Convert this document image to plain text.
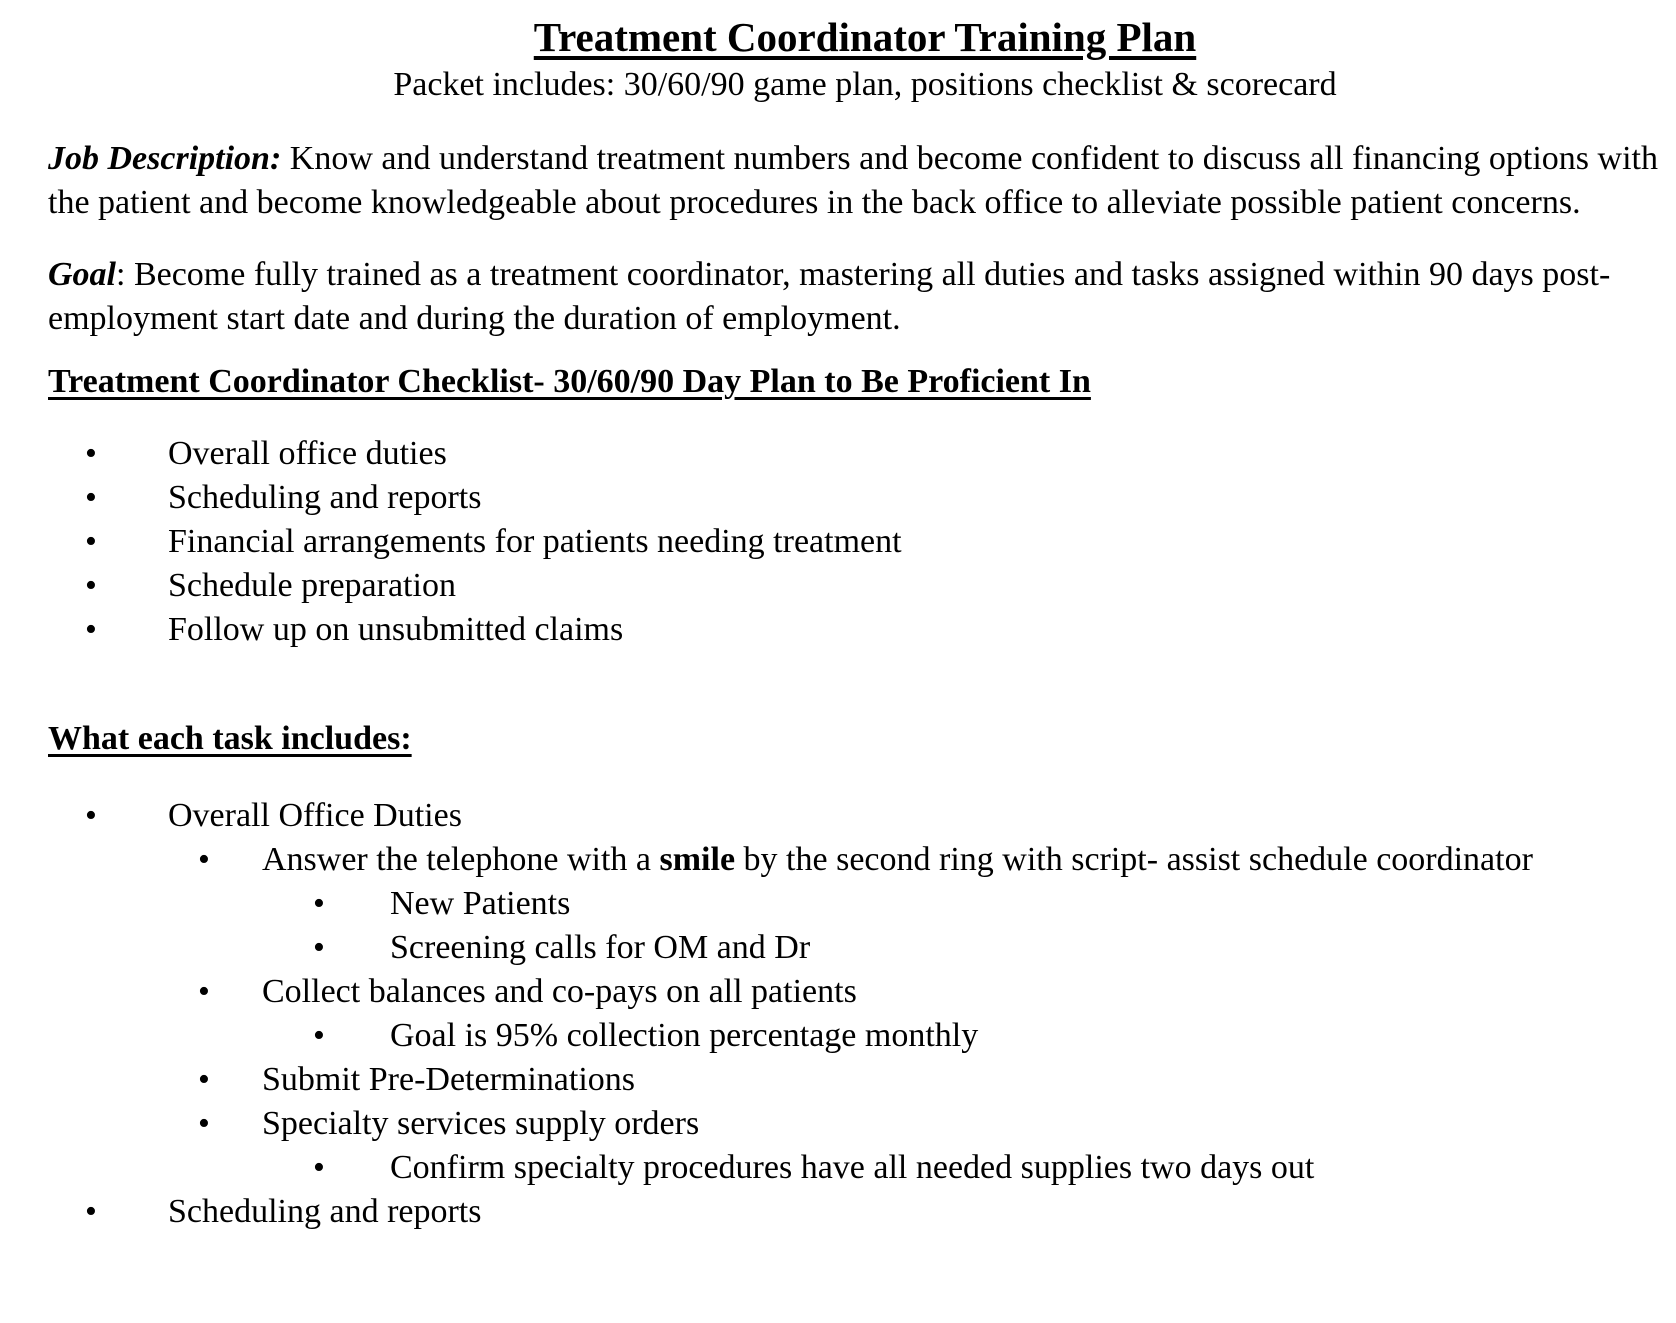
Treatment Coordinator Training Plan
Packet includes: 30/60/90 game plan, positions checklist & scorecard

Job Description: Know and understand treatment numbers and become confident to discuss all financing options with the patient and become knowledgeable about procedures in the back office to alleviate possible patient concerns.

Goal: Become fully trained as a treatment coordinator, mastering all duties and tasks assigned within 90 days post-employment start date and during the duration of employment.

Treatment Coordinator Checklist- 30/60/90 Day Plan to Be Proficient In
• Overall office duties
• Scheduling and reports
• Financial arrangements for patients needing treatment
• Schedule preparation
• Follow up on unsubmitted claims
What each task includes:
• Overall Office Duties
• Answer the telephone with a smile by the second ring with script- assist schedule coordinator
• New Patients
• Screening calls for OM and Dr
• Collect balances and co-pays on all patients
• Goal is 95% collection percentage monthly
• Submit Pre-Determinations
• Specialty services supply orders
• Confirm specialty procedures have all needed supplies two days out
• Scheduling and reports
